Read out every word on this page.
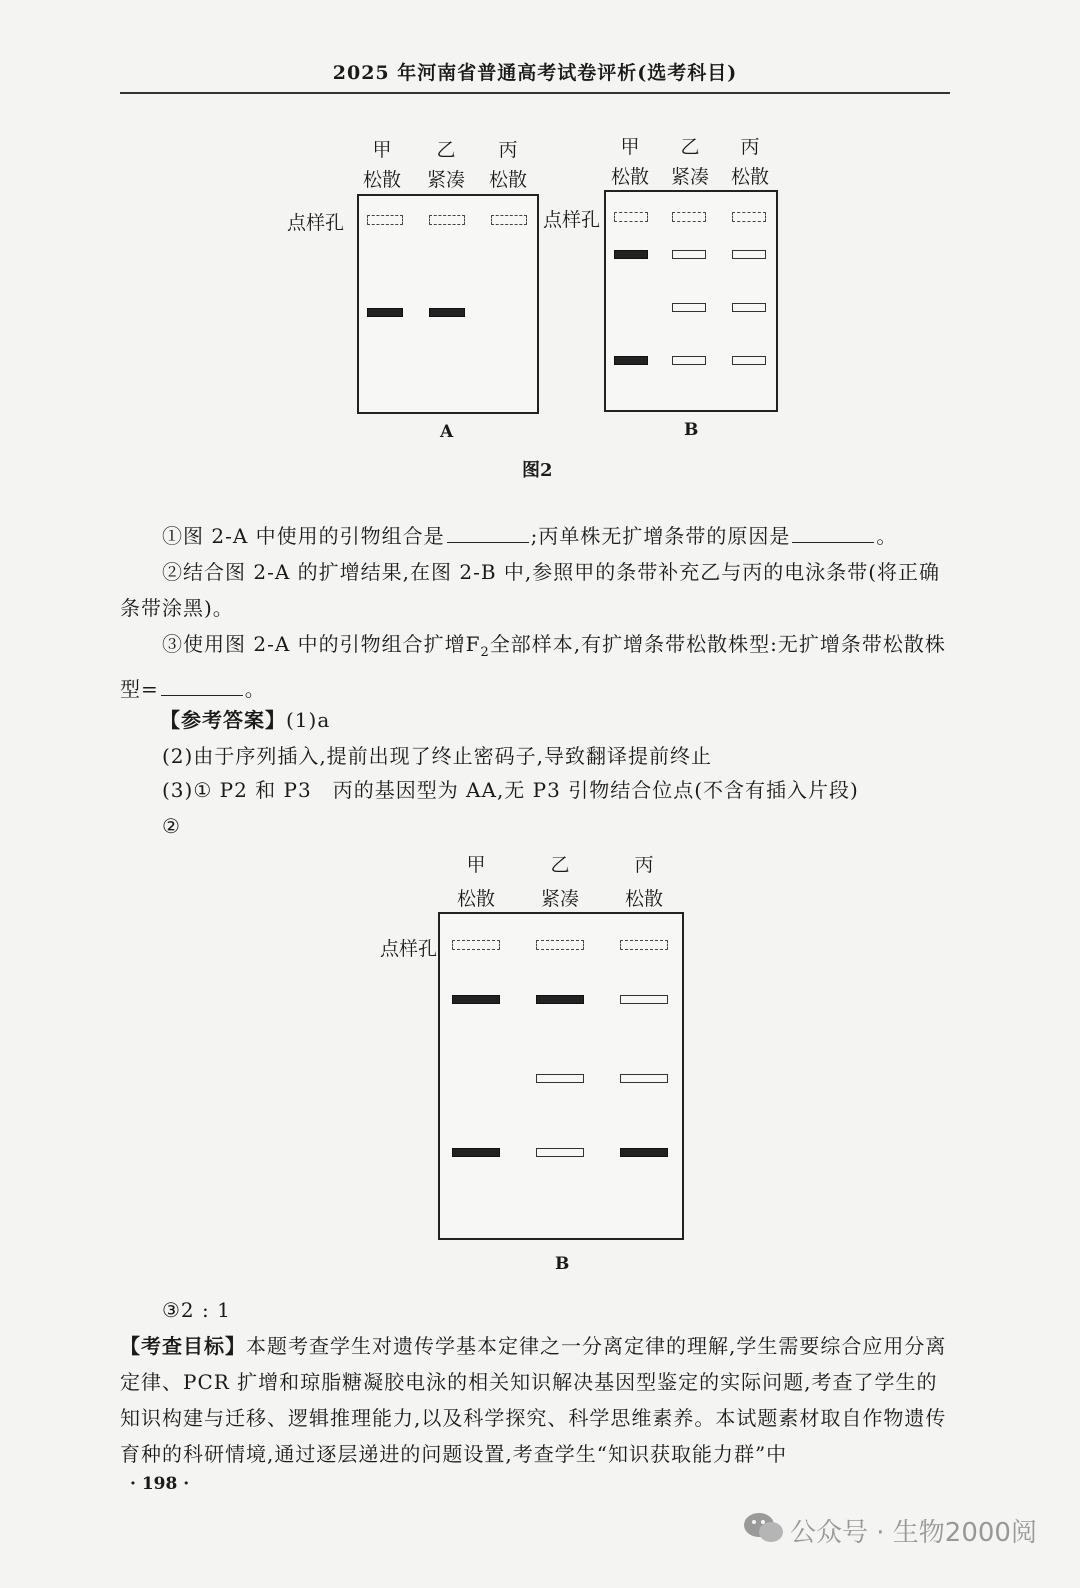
2025 年河南省普通高考试卷评析(选考科目)
甲
松散
乙
紧凑
丙
松散
点样孔
A
甲
松散
乙
紧凑
丙
松散
点样孔
B
图2
①图 2-A 中使用的引物组合是	;丙单株无扩增条带的原因是	。
②结合图 2-A 的扩增结果,在图 2-B 中,参照甲的条带补充乙与丙的电泳条带(将正确条带涂黑)。
③使用图 2-A 中的引物组合扩增$F_2$全部样本,有扩增条带松散株型:无扩增条带松散株型=	。
【参考答案】(1)a
(2)由于序列插入,提前出现了终止密码子,导致翻译提前终止
(3)① P2 和 P3　丙的基因型为 AA,无 P3 引物结合位点(不含有插入片段)
②
甲
松散
乙
紧凑
丙
松散
点样孔
B
③2 : 1
【考查目标】本题考查学生对遗传学基本定律之一分离定律的理解,学生需要综合应用分离定律、PCR 扩增和琼脂糖凝胶电泳的相关知识解决基因型鉴定的实际问题,考查了学生的知识构建与迁移、逻辑推理能力,以及科学探究、科学思维素养。本试题素材取自作物遗传育种的科研情境,通过逐层递进的问题设置,考查学生“知识获取能力群”中
· 198 ·
公众号 · 生物2000阅
